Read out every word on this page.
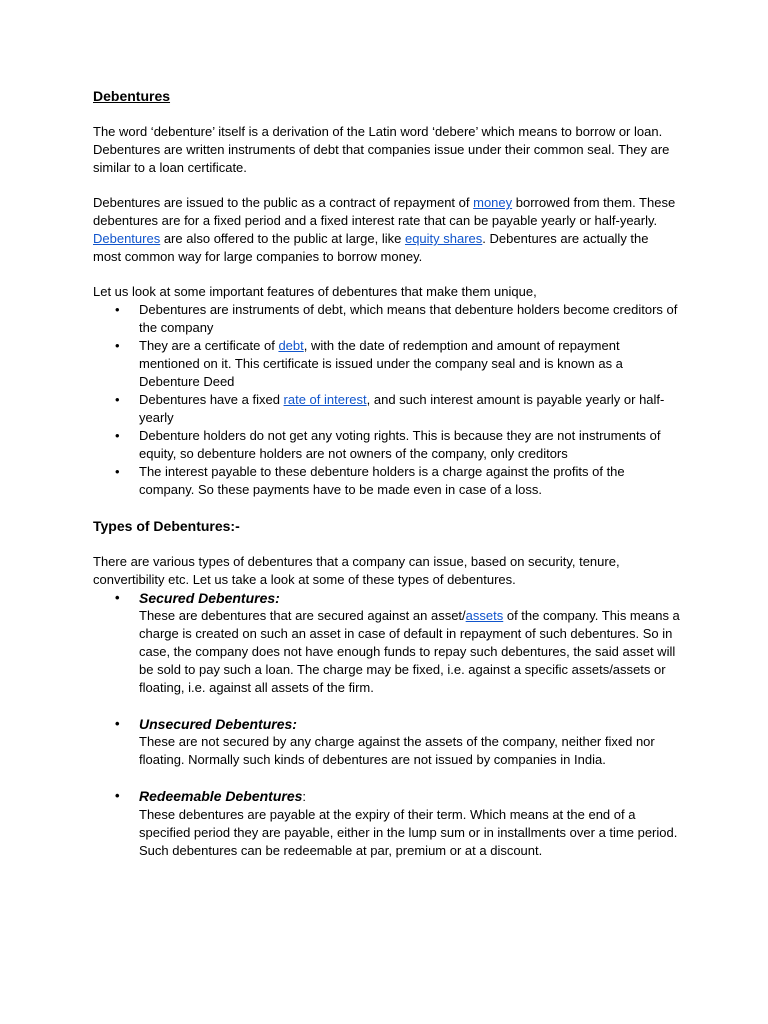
Debentures

The word ‘debenture’ itself is a derivation of the Latin word ‘debere’ which means to borrow or loan. Debentures are written instruments of debt that companies issue under their common seal. They are similar to a loan certificate.

Debentures are issued to the public as a contract of repayment of money borrowed from them. These debentures are for a fixed period and a fixed interest rate that can be payable yearly or half-yearly. Debentures are also offered to the public at large, like equity shares. Debentures are actually the most common way for large companies to borrow money.

Let us look at some important features of debentures that make them unique,

• Debentures are instruments of debt, which means that debenture holders become creditors of the company
• They are a certificate of debt, with the date of redemption and amount of repayment mentioned on it. This certificate is issued under the company seal and is known as a Debenture Deed
• Debentures have a fixed rate of interest, and such interest amount is payable yearly or half-yearly
• Debenture holders do not get any voting rights. This is because they are not instruments of equity, so debenture holders are not owners of the company, only creditors
• The interest payable to these debenture holders is a charge against the profits of the company. So these payments have to be made even in case of a loss.
Types of Debentures:-

There are various types of debentures that a company can issue, based on security, tenure, convertibility etc. Let us take a look at some of these types of debentures.

• Secured Debentures:
These are debentures that are secured against an asset/assets of the company. This means a charge is created on such an asset in case of default in repayment of such debentures. So in case, the company does not have enough funds to repay such debentures, the said asset will be sold to pay such a loan. The charge may be fixed, i.e. against a specific assets/assets or floating, i.e. against all assets of the firm.
• Unsecured Debentures:
These are not secured by any charge against the assets of the company, neither fixed nor floating. Normally such kinds of debentures are not issued by companies in India.
• Redeemable Debentures:
These debentures are payable at the expiry of their term. Which means at the end of a specified period they are payable, either in the lump sum or in installments over a time period. Such debentures can be redeemable at par, premium or at a discount.
